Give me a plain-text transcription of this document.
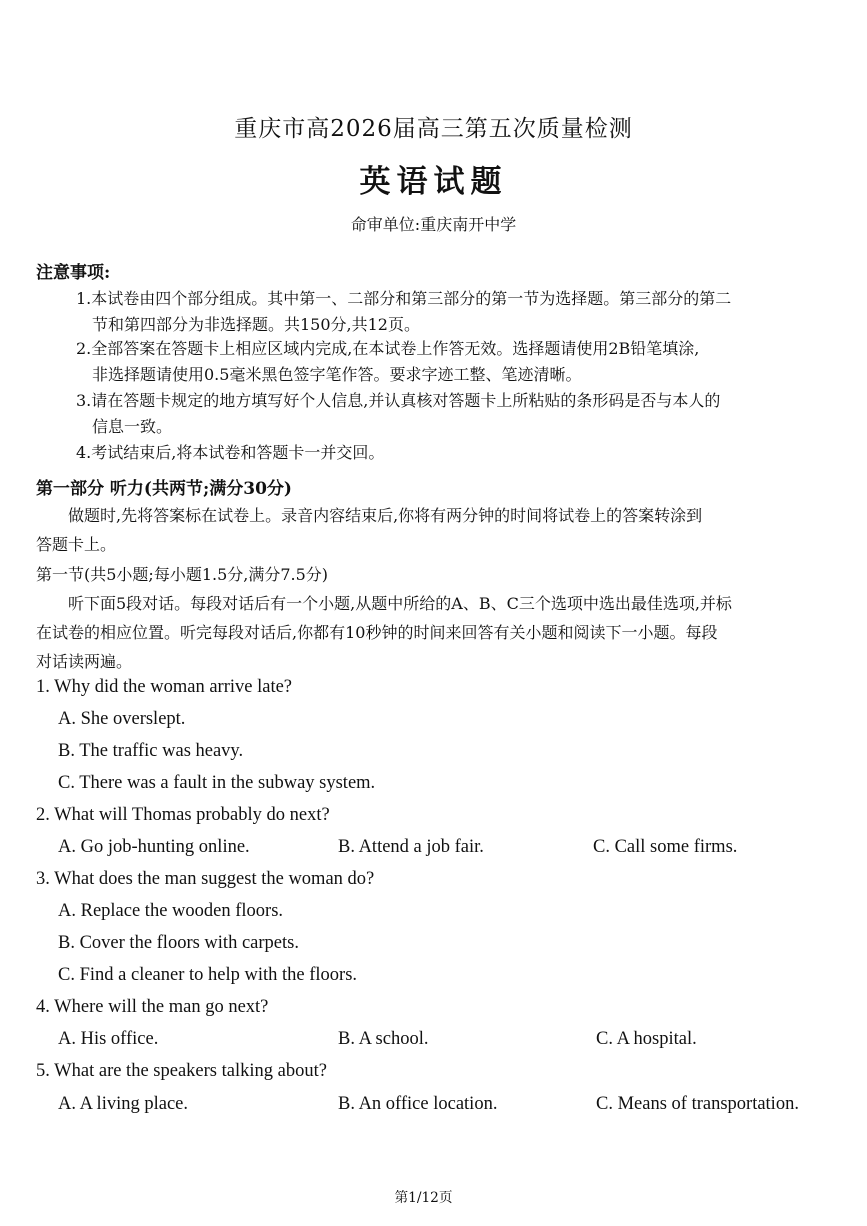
重庆市高2026届高三第五次质量检测
英语试题
命审单位:重庆南开中学
注意事项:
1.本试卷由四个部分组成。其中第一、二部分和第三部分的第一节为选择题。第三部分的第二
节和第四部分为非选择题。共150分,共12页。
2.全部答案在答题卡上相应区域内完成,在本试卷上作答无效。选择题请使用2B铅笔填涂,
非选择题请使用0.5毫米黑色签字笔作答。要求字迹工整、笔迹清晰。
3.请在答题卡规定的地方填写好个人信息,并认真核对答题卡上所粘贴的条形码是否与本人的
信息一致。
4.考试结束后,将本试卷和答题卡一并交回。
第一部分 听力(共两节;满分30分)
做题时,先将答案标在试卷上。录音内容结束后,你将有两分钟的时间将试卷上的答案转涂到
答题卡上。
第一节(共5小题;每小题1.5分,满分7.5分)
听下面5段对话。每段对话后有一个小题,从题中所给的A、B、C三个选项中选出最佳选项,并标
在试卷的相应位置。听完每段对话后,你都有10秒钟的时间来回答有关小题和阅读下一小题。每段
对话读两遍。
1. Why did the woman arrive late?
A. She overslept.
B. The traffic was heavy.
C. There was a fault in the subway system.
2. What will Thomas probably do next?
A. Go job-hunting online.	B. Attend a job fair.	C. Call some firms.
3. What does the man suggest the woman do?
A. Replace the wooden floors.
B. Cover the floors with carpets.
C. Find a cleaner to help with the floors.
4. Where will the man go next?
A. His office.	B. A school.	C. A hospital.
5. What are the speakers talking about?
A. A living place.	B. An office location.	C. Means of transportation.
第1/12页
